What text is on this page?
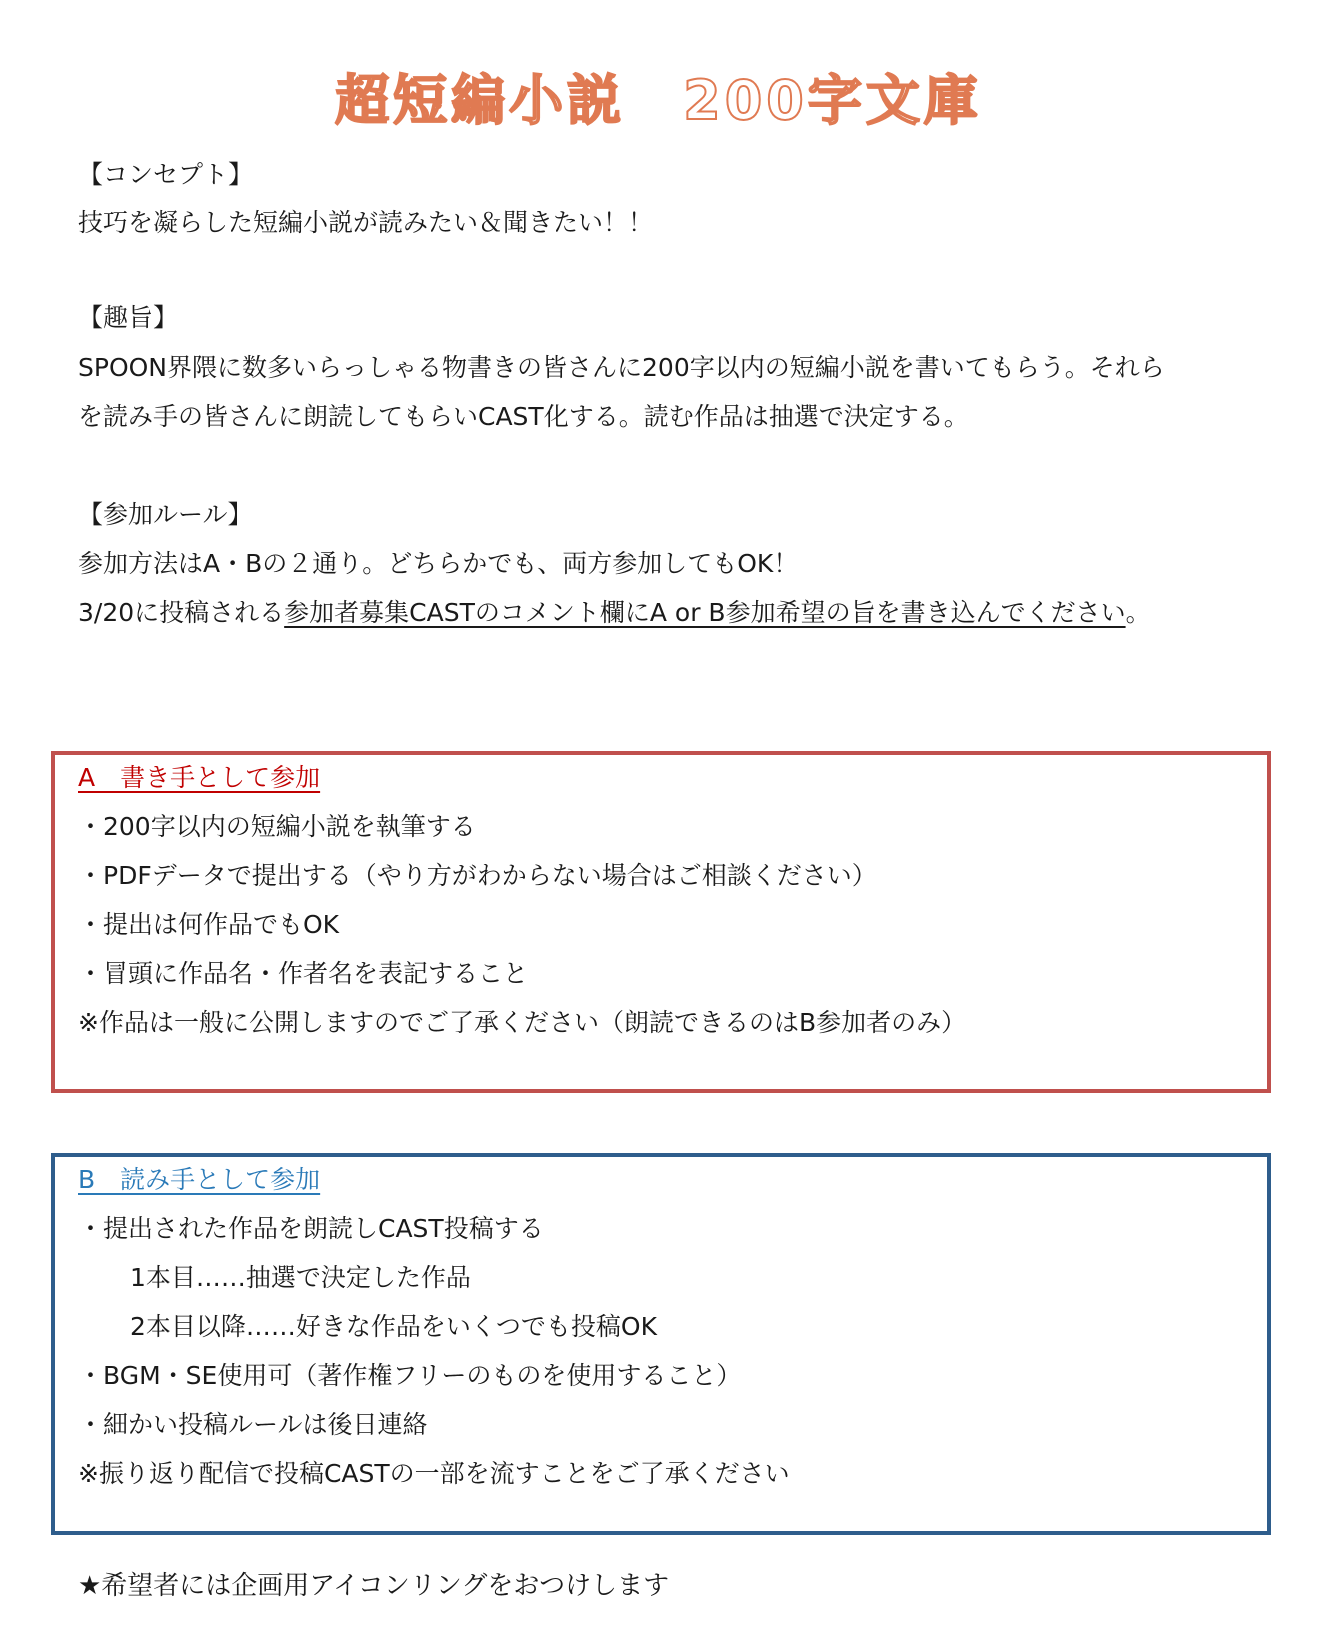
超短編小説　200字文庫
【コンセプト】
技巧を凝らした短編小説が読みたい＆聞きたい！！
【趣旨】
SPOON界隈に数多いらっしゃる物書きの皆さんに200字以内の短編小説を書いてもらう。それら
を読み手の皆さんに朗読してもらいCAST化する。読む作品は抽選で決定する。
【参加ルール】
参加方法はA・Bの２通り。どちらかでも、両方参加してもOK！
3/20に投稿される参加者募集CASTのコメント欄にA or B参加希望の旨を書き込んでください。
A　書き手として参加
・200字以内の短編小説を執筆する
・PDFデータで提出する（やり方がわからない場合はご相談ください）
・提出は何作品でもOK
・冒頭に作品名・作者名を表記すること
※作品は一般に公開しますのでご了承ください（朗読できるのはB参加者のみ）
B　読み手として参加
・提出された作品を朗読しCAST投稿する
1本目……抽選で決定した作品
2本目以降……好きな作品をいくつでも投稿OK
・BGM・SE使用可（著作権フリーのものを使用すること）
・細かい投稿ルールは後日連絡
※振り返り配信で投稿CASTの一部を流すことをご了承ください
★希望者には企画用アイコンリングをおつけします
